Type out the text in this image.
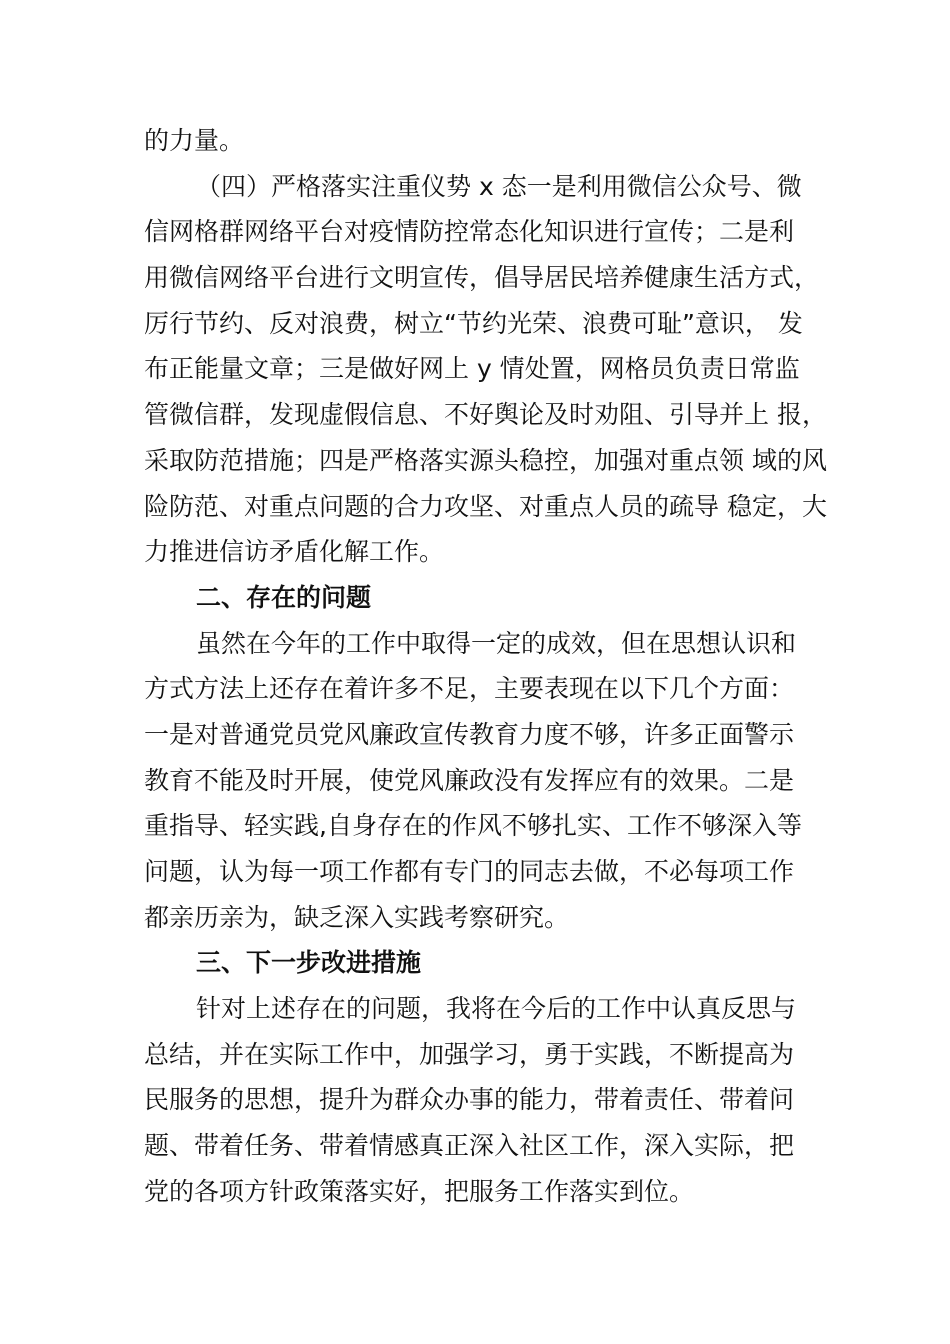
的力量。
（四）严格落实注重仪势 x 态一是利用微信公众号、微
信网格群网络平台对疫情防控常态化知识进行宣传；二是利
用微信网络平台进行文明宣传，倡导居民培养健康生活方式，
厉行节约、反对浪费，树立“节约光荣、浪费可耻”意识， 发
布正能量文章；三是做好网上 y 情处置，网格员负责日常监
管微信群，发现虚假信息、不好舆论及时劝阻、引导并上 报，
采取防范措施；四是严格落实源头稳控，加强对重点领 域的风
险防范、对重点问题的合力攻坚、对重点人员的疏导 稳定，大
力推进信访矛盾化解工作。
二、存在的问题
虽然在今年的工作中取得一定的成效，但在思想认识和
方式方法上还存在着许多不足，主要表现在以下几个方面：
一是对普通党员党风廉政宣传教育力度不够，许多正面警示
教育不能及时开展，使党风廉政没有发挥应有的效果。二是
重指导、轻实践,自身存在的作风不够扎实、工作不够深入等
问题，认为每一项工作都有专门的同志去做，不必每项工作
都亲历亲为，缺乏深入实践考察研究。
三、下一步改进措施
针对上述存在的问题，我将在今后的工作中认真反思与
总结，并在实际工作中，加强学习，勇于实践，不断提高为
民服务的思想，提升为群众办事的能力，带着责任、带着问
题、带着任务、带着情感真正深入社区工作，深入实际，把
党的各项方针政策落实好，把服务工作落实到位。
